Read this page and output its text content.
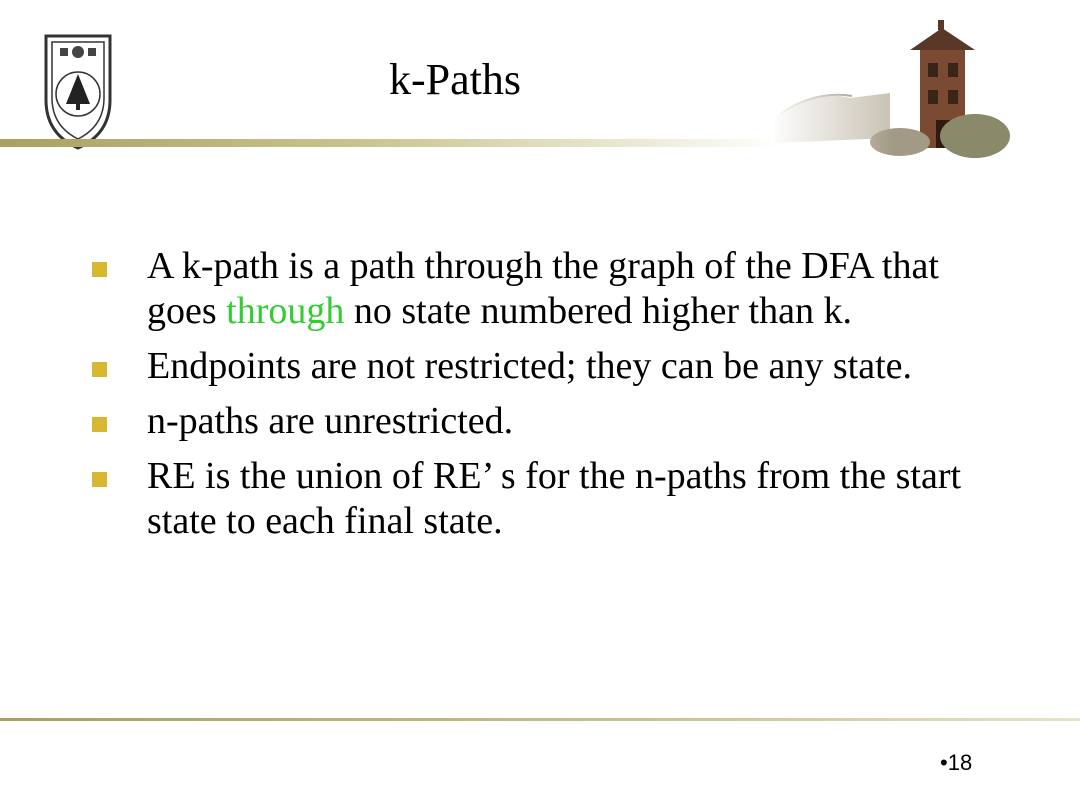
k-Paths
A k-path is a path through the graph of the DFA that goes through no state numbered higher than k.
Endpoints are not restricted; they can be any state.
n-paths are unrestricted.
RE is the union of RE’ s for the n-paths from the start state to each final state.
•18
